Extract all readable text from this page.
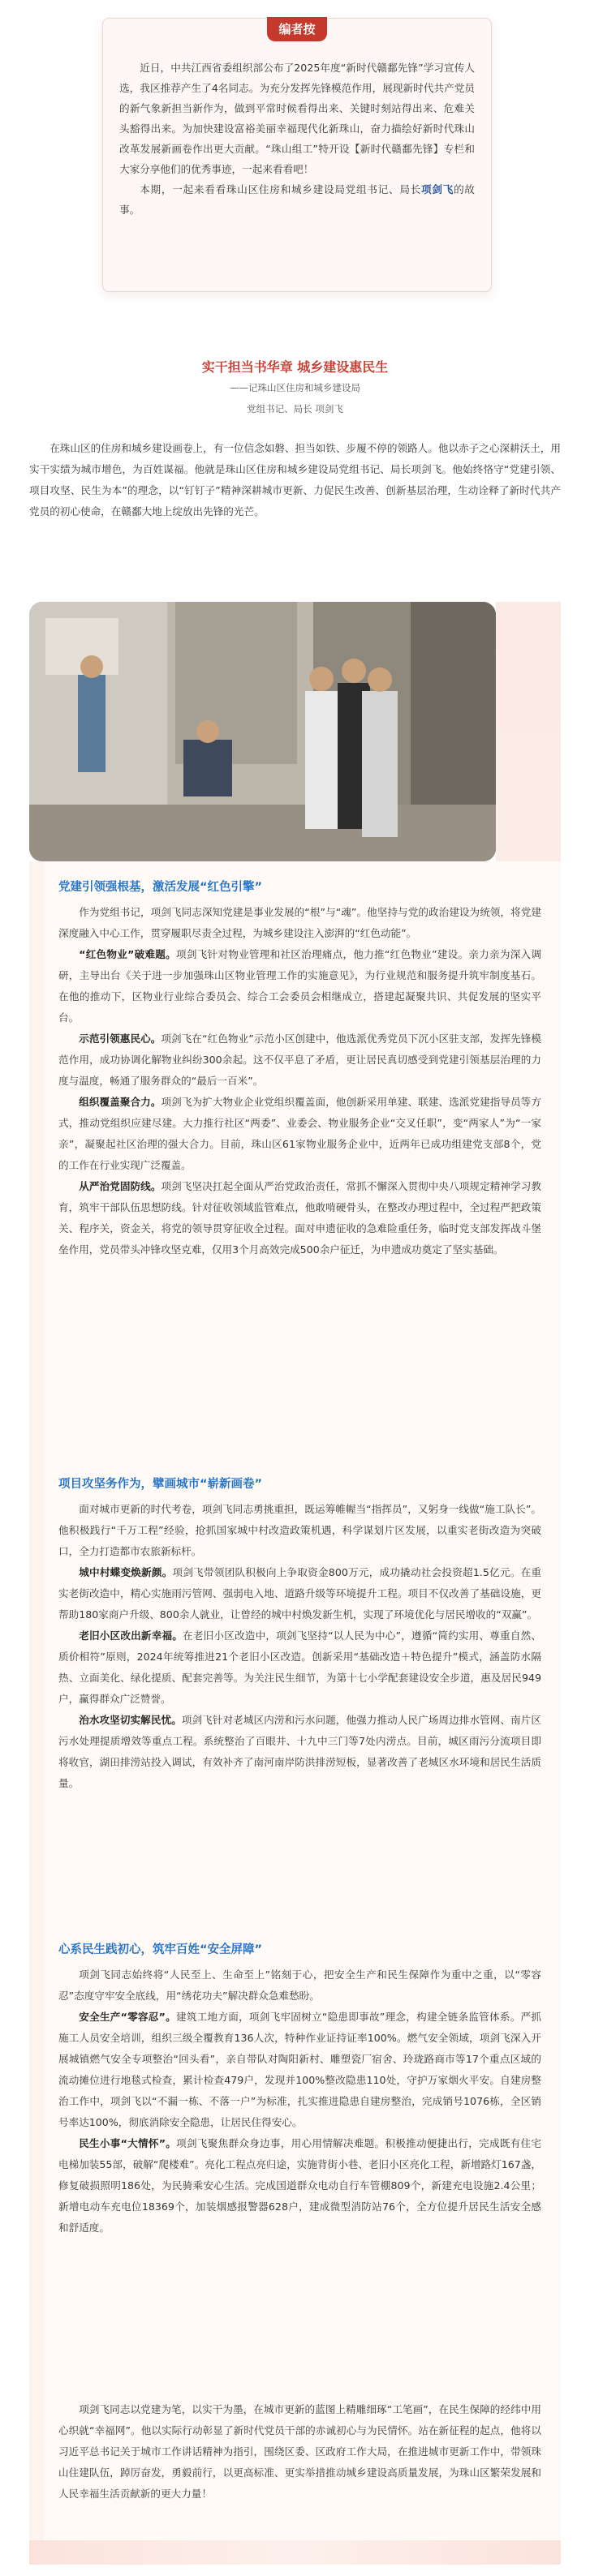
编者按

近日，中共江西省委组织部公布了2025年度“新时代赣鄱先锋”学习宣传人选，我区推荐产生了4名同志。为充分发挥先锋模范作用，展现新时代共产党员的新气象新担当新作为，做到平常时候看得出来、关键时刻站得出来、危难关头豁得出来。为加快建设富裕美丽幸福现代化新珠山，奋力描绘好新时代珠山改革发展新画卷作出更大贡献。“珠山组工”特开设【新时代赣鄱先锋】专栏和大家分享他们的优秀事迹，一起来看看吧！

本期，一起来看看珠山区住房和城乡建设局党组书记、局长项剑飞的故事。

实干担当书华章 城乡建设惠民生
——记珠山区住房和城乡建设局
党组书记、局长 项剑飞

在珠山区的住房和城乡建设画卷上，有一位信念如磐、担当如铁、步履不停的领路人。他以赤子之心深耕沃土，用实干实绩为城市增色，为百姓谋福。他就是珠山区住房和城乡建设局党组书记、局长项剑飞。他始终恪守“党建引领、项目攻坚、民生为本”的理念，以“钉钉子”精神深耕城市更新、力促民生改善、创新基层治理，生动诠释了新时代共产党员的初心使命，在赣鄱大地上绽放出先锋的光芒。

党建引领强根基，激活发展“红色引擎”

作为党组书记，项剑飞同志深知党建是事业发展的“根”与“魂”。他坚持与党的政治建设为统领，将党建深度融入中心工作，贯穿履职尽责全过程，为城乡建设注入澎湃的“红色动能”。

“红色物业”破难题。项剑飞针对物业管理和社区治理痛点，他力推“红色物业”建设。亲力亲为深入调研，主导出台《关于进一步加强珠山区物业管理工作的实施意见》，为行业规范和服务提升筑牢制度基石。在他的推动下，区物业行业综合委员会、综合工会委员会相继成立，搭建起凝聚共识、共促发展的坚实平台。

示范引领惠民心。项剑飞在“红色物业”示范小区创建中，他选派优秀党员下沉小区驻支部，发挥先锋模范作用，成功协调化解物业纠纷300余起。这不仅平息了矛盾，更让居民真切感受到党建引领基层治理的力度与温度，畅通了服务群众的“最后一百米”。

组织覆盖聚合力。项剑飞为扩大物业企业党组织覆盖面，他创新采用单建、联建、选派党建指导员等方式，推动党组织应建尽建。大力推行社区“两委”、业委会、物业服务企业“交叉任职”，变“两家人”为“一家亲”，凝聚起社区治理的强大合力。目前，珠山区61家物业服务企业中，近两年已成功组建党支部8个，党的工作在行业实现广泛覆盖。

从严治党固防线。项剑飞坚决扛起全面从严治党政治责任，常抓不懈深入贯彻中央八项规定精神学习教育，筑牢干部队伍思想防线。针对征收领域监管难点，他敢啃硬骨头，在整改办理过程中，全过程严把政策关、程序关，资金关，将党的领导贯穿征收全过程。面对申遗征收的急难险重任务，临时党支部发挥战斗堡垒作用，党员带头冲锋攻坚克难，仅用3个月高效完成500余户征迁，为申遗成功奠定了坚实基础。

项目攻坚务作为，擘画城市“崭新画卷”

面对城市更新的时代考卷，项剑飞同志勇挑重担，既运筹帷幄当“指挥员”，又躬身一线做“施工队长”。他积极践行“千万工程”经验，抢抓国家城中村改造政策机遇，科学谋划片区发展，以重实老街改造为突破口，全力打造都市农旅新标杆。

城中村蝶变焕新颜。项剑飞带领团队积极向上争取资金800万元，成功撬动社会投资超1.5亿元。在重实老街改造中，精心实施雨污管网、强弱电入地、道路升级等环境提升工程。项目不仅改善了基础设施，更帮助180家商户升级、800余人就业，让曾经的城中村焕发新生机，实现了环境优化与居民增收的“双赢”。

老旧小区改出新幸福。在老旧小区改造中，项剑飞坚持“以人民为中心”，遵循“简约实用、尊重自然、质价相符”原则，2024年统筹推进21个老旧小区改造。创新采用“基础改造＋特色提升”模式，涵盖防水隔热、立面美化、绿化提质、配套完善等。为关注民生细节，为第十七小学配套建设安全步道，惠及居民949户，赢得群众广泛赞誉。

治水攻坚切实解民忧。项剑飞针对老城区内涝和污水问题，他强力推动人民广场周边排水管网、南片区污水处理提质增效等重点工程。系统整治了百眼井、十九中三门等7处内涝点。目前，城区雨污分流项目即将收官，湖田排涝站投入调试，有效补齐了南河南岸防洪排涝短板，显著改善了老城区水环境和居民生活质量。

心系民生践初心，筑牢百姓“安全屏障”

项剑飞同志始终将“人民至上、生命至上”铭刻于心，把安全生产和民生保障作为重中之重，以“零容忍”态度守牢安全底线，用“绣花功夫”解决群众急难愁盼。

安全生产“零容忍”。建筑工地方面，项剑飞牢固树立“隐患即事故”理念，构建全链条监管体系。严抓施工人员安全培训，组织三级全覆教育136人次，特种作业证持证率100%。燃气安全领域，项剑飞深入开展城镇燃气安全专项整治“回头看”，亲自带队对陶阳新村、雕塑瓷厂宿舍、玲珑路商市等17个重点区域的流动摊位进行地毯式检查，累计检查479户，发现并100%整改隐患110处，守护万家烟火平安。自建房整治工作中，项剑飞以“不漏一栋、不落一户”为标准，扎实推进隐患自建房整治，完成销号1076栋，全区销号率达100%，彻底消除安全隐患，让居民住得安心。

民生小事“大情怀”。项剑飞聚焦群众身边事，用心用情解决难题。积极推动便捷出行，完成既有住宅电梯加装55部，破解“爬楼难”。亮化工程点亮归途，实施背街小巷、老旧小区亮化工程，新增路灯167盏，修复破损照明186处，为民骑乘安心生活。完成国道群众电动自行车管棚809个，新建充电设施2.4公里；新增电动车充电位18369个，加装烟感报警器628户，建成微型消防站76个，全方位提升居民生活安全感和舒适度。

项剑飞同志以党建为笔，以实干为墨，在城市更新的蓝图上精雕细琢“工笔画”，在民生保障的经纬中用心织就“幸福网”。他以实际行动彰显了新时代党员干部的赤诚初心与为民情怀。站在新征程的起点，他将以习近平总书记关于城市工作讲话精神为指引，围绕区委、区政府工作大局，在推进城市更新工作中，带领珠山住建队伍，踔厉奋发，勇毅前行，以更高标准、更实举措推动城乡建设高质量发展，为珠山区繁荣发展和人民幸福生活贡献新的更大力量！
